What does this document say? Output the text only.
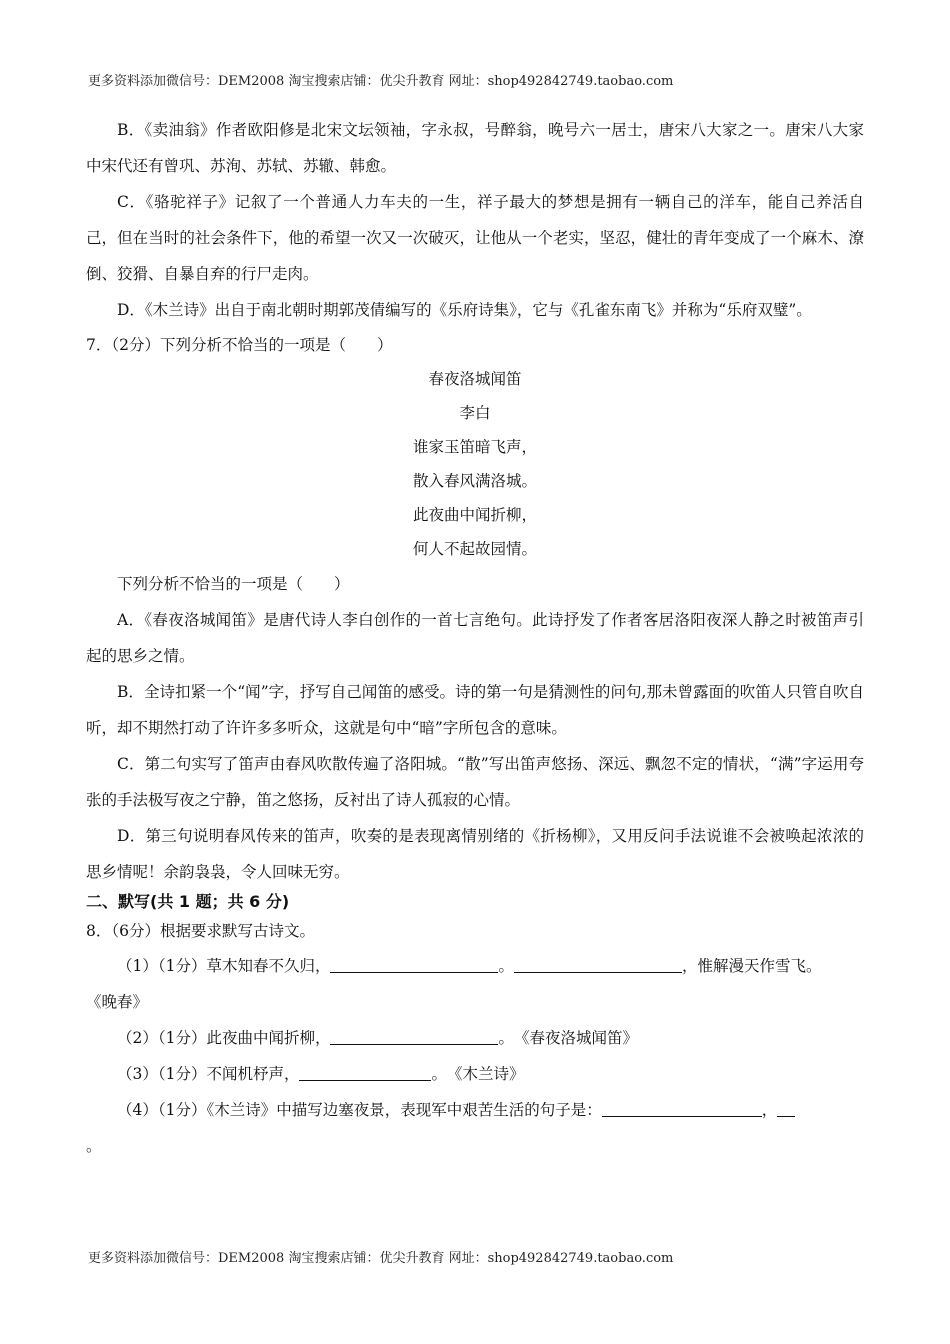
更多资料添加微信号：DEM2008 淘宝搜索店铺：优尖升教育 网址：shop492842749.taobao.com

B．《卖油翁》作者欧阳修是北宋文坛领袖，字永叔，号醉翁，晚号六一居士，唐宋八大家之一。唐宋八大家中宋代还有曾巩、苏洵、苏轼、苏辙、韩愈。

C．《骆驼祥子》记叙了一个普通人力车夫的一生，祥子最大的梦想是拥有一辆自己的洋车，能自己养活自己，但在当时的社会条件下，他的希望一次又一次破灭，让他从一个老实，坚忍，健壮的青年变成了一个麻木、潦倒、狡猾、自暴自弃的行尸走肉。

D．《木兰诗》出自于南北朝时期郭茂倩编写的《乐府诗集》，它与《孔雀东南飞》并称为“乐府双璧”。

7．（2分）下列分析不恰当的一项是（　　）

春夜洛城闻笛

李白

谁家玉笛暗飞声，

散入春风满洛城。

此夜曲中闻折柳，

何人不起故园情。

下列分析不恰当的一项是（　　）

A．《春夜洛城闻笛》是唐代诗人李白创作的一首七言绝句。此诗抒发了作者客居洛阳夜深人静之时被笛声引起的思乡之情。

B．全诗扣紧一个“闻”字，抒写自己闻笛的感受。诗的第一句是猜测性的问句,那未曾露面的吹笛人只管自吹自听，却不期然打动了许许多多听众，这就是句中“暗”字所包含的意味。

C．第二句实写了笛声由春风吹散传遍了洛阳城。“散”写出笛声悠扬、深远、飘忽不定的情状，“满”字运用夸张的手法极写夜之宁静，笛之悠扬，反衬出了诗人孤寂的心情。

D．第三句说明春风传来的笛声，吹奏的是表现离情别绪的《折杨柳》，又用反问手法说谁不会被唤起浓浓的思乡情呢！余韵袅袅，令人回味无穷。

二、默写(共 1 题；共 6 分)

8．（6分）根据要求默写古诗文。

（1）（1分）草木知春不久归，	。	，惟解漫天作雪飞。

《晚春》

（2）（1分）此夜曲中闻折柳，	。　《春夜洛城闻笛》

（3）（1分）不闻机杼声，	。　《木兰诗》

（4）（1分）《木兰诗》中描写边塞夜景，表现军中艰苦生活的句子是：	，

。

更多资料添加微信号：DEM2008 淘宝搜索店铺：优尖升教育 网址：shop492842749.taobao.com
